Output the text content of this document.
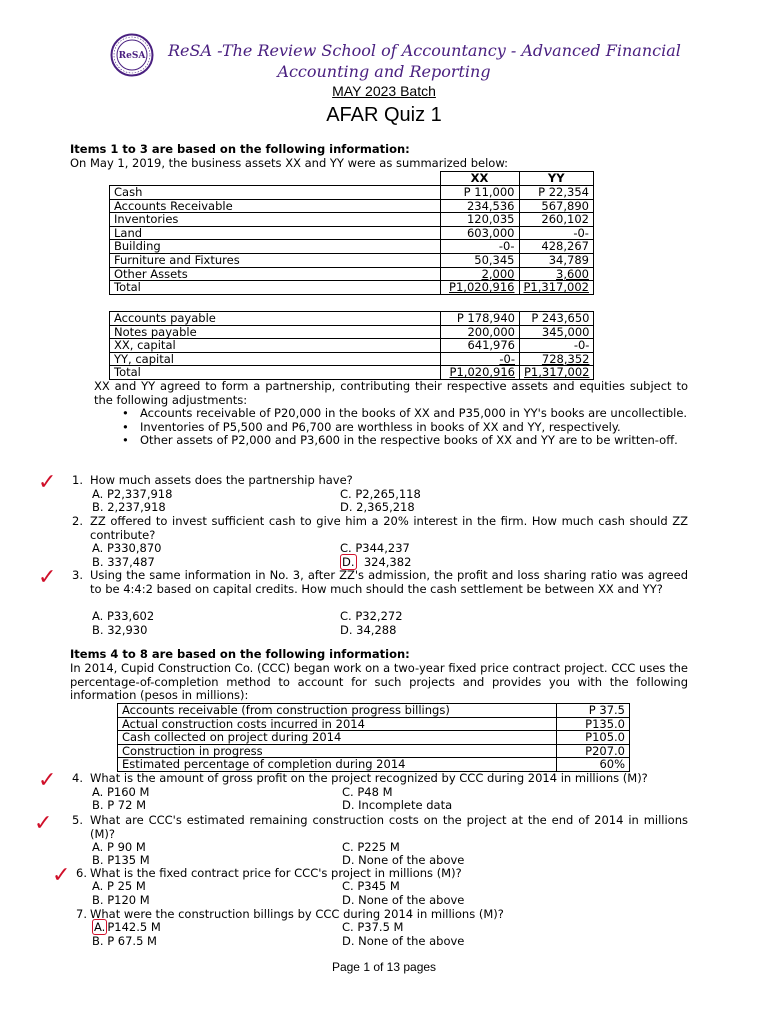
ReSA ReSA -The Review School of Accountancy - Advanced Financial
Accounting and Reporting
MAY 2023 Batch
AFAR Quiz 1
Items 1 to 3 are based on the following information:
On May 1, 2019, the business assets XX and YY were as summarized below:
	XX	YY
Cash	P 11,000	P 22,354
Accounts Receivable	234,536	567,890
Inventories	120,035	260,102
Land	603,000	-0-
Building	-0-	428,267
Furniture and Fixtures	50,345	34,789
Other Assets	2,000	3,600
Total	P1,020,916	P1,317,002
Accounts payable	P 178,940	P 243,650
Notes payable	200,000	345,000
XX, capital	641,976	-0-
YY, capital	-0-	728,352
Total	P1,020,916	P1,317,002
XX and YY agreed to form a partnership, contributing their respective assets and equities subject to the following adjustments:
• Accounts receivable of P20,000 in the books of XX and P35,000 in YY's books are uncollectible.
• Inventories of P5,500 and P6,700 are worthless in books of XX and YY, respectively.
• Other assets of P2,000 and P3,600 in the respective books of XX and YY are to be written-off.
✓ 1. How much assets does the partnership have?
A. P2,337,918	C. P2,265,118
B. 2,237,918	D. 2,365,218
2. ZZ offered to invest sufficient cash to give him a 20% interest in the firm. How much cash should ZZ contribute?
A. P330,870	C. P344,237
B. 337,487	D. 324,382
✓ 3. Using the same information in No. 3, after ZZ's admission, the profit and loss sharing ratio was agreed to be 4:4:2 based on capital credits. How much should the cash settlement be between XX and YY?
A. P33,602	C. P32,272
B. 32,930	D. 34,288
Items 4 to 8 are based on the following information:
In 2014, Cupid Construction Co. (CCC) began work on a two-year fixed price contract project. CCC uses the percentage-of-completion method to account for such projects and provides you with the following information (pesos in millions):
Accounts receivable (from construction progress billings)	P 37.5
Actual construction costs incurred in 2014	P135.0
Cash collected on project during 2014	P105.0
Construction in progress	P207.0
Estimated percentage of completion during 2014	60%
✓ 4. What is the amount of gross profit on the project recognized by CCC during 2014 in millions (M)?
A. P160 M	C. P48 M
B. P 72 M	D. Incomplete data
✓ 5. What are CCC's estimated remaining construction costs on the project at the end of 2014 in millions (M)?
A. P 90 M	C. P225 M
B. P135 M	D. None of the above
✓ 6. What is the fixed contract price for CCC's project in millions (M)?
A. P 25 M	C. P345 M
B. P120 M	D. None of the above
7. What were the construction billings by CCC during 2014 in millions (M)?
A. P142.5 M	C. P37.5 M
B. P 67.5 M	D. None of the above
Page 1 of 13 pages
